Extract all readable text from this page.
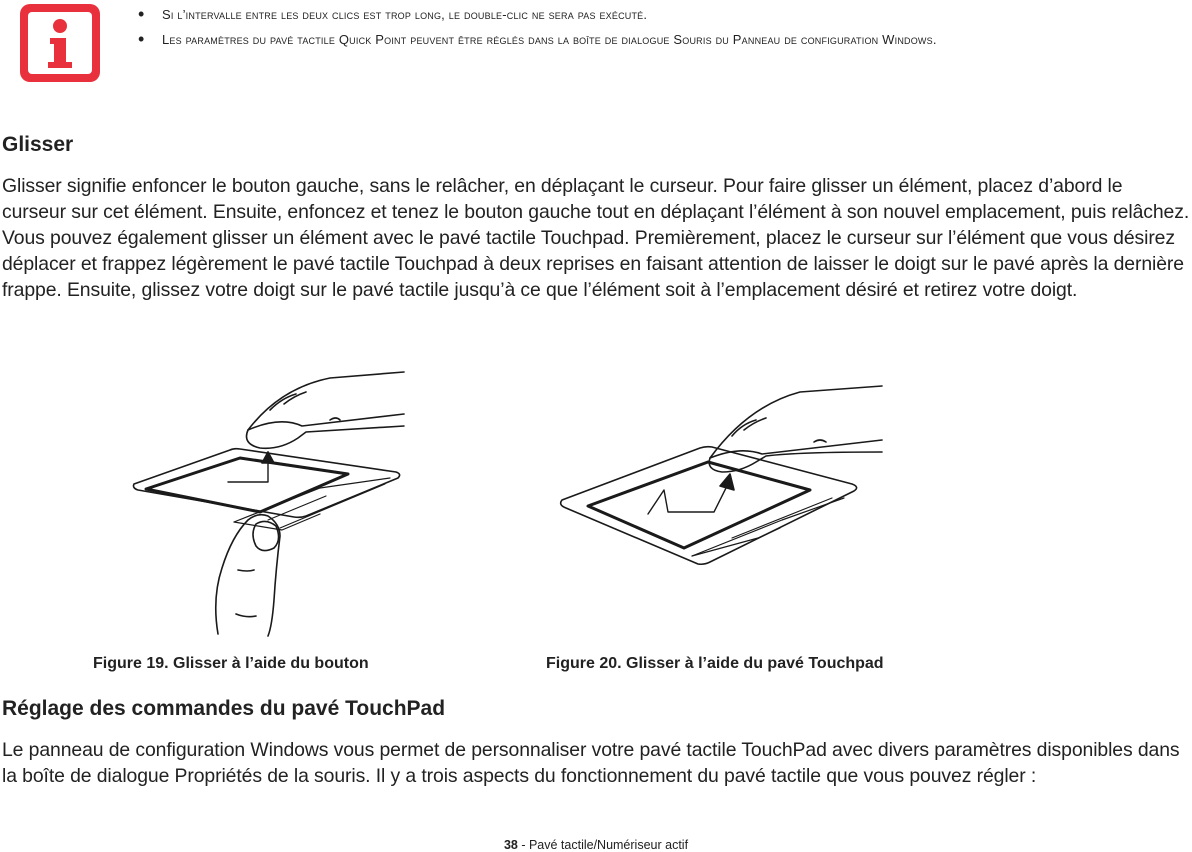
• Si l’intervalle entre les deux clics est trop long, le double-clic ne sera pas exécuté.
• Les paramètres du pavé tactile Quick Point peuvent être réglés dans la boîte de dialogue Souris du Panneau de configuration Windows.
Glisser

Glisser signifie enfoncer le bouton gauche, sans le relâcher, en déplaçant le curseur. Pour faire glisser un élément, placez d’abord le curseur sur cet élément. Ensuite, enfoncez et tenez le bouton gauche tout en déplaçant l’élément à son nouvel emplacement, puis relâchez. Vous pouvez également glisser un élément avec le pavé tactile Touchpad. Premièrement, placez le curseur sur l’élément que vous désirez déplacer et frappez légèrement le pavé tactile Touchpad à deux reprises en faisant attention de laisser le doigt sur le pavé après la dernière frappe. Ensuite, glissez votre doigt sur le pavé tactile jusqu’à ce que l’élément soit à l’emplacement désiré et retirez votre doigt.

Figure 19. Glisser à l’aide du bouton	Figure 20. Glisser à l’aide du pavé Touchpad

Réglage des commandes du pavé TouchPad

Le panneau de configuration Windows vous permet de personnaliser votre pavé tactile TouchPad avec divers paramètres disponibles dans la boîte de dialogue Propriétés de la souris. Il y a trois aspects du fonctionnement du pavé tactile que vous pouvez régler :

38 - Pavé tactile/Numériseur actif
